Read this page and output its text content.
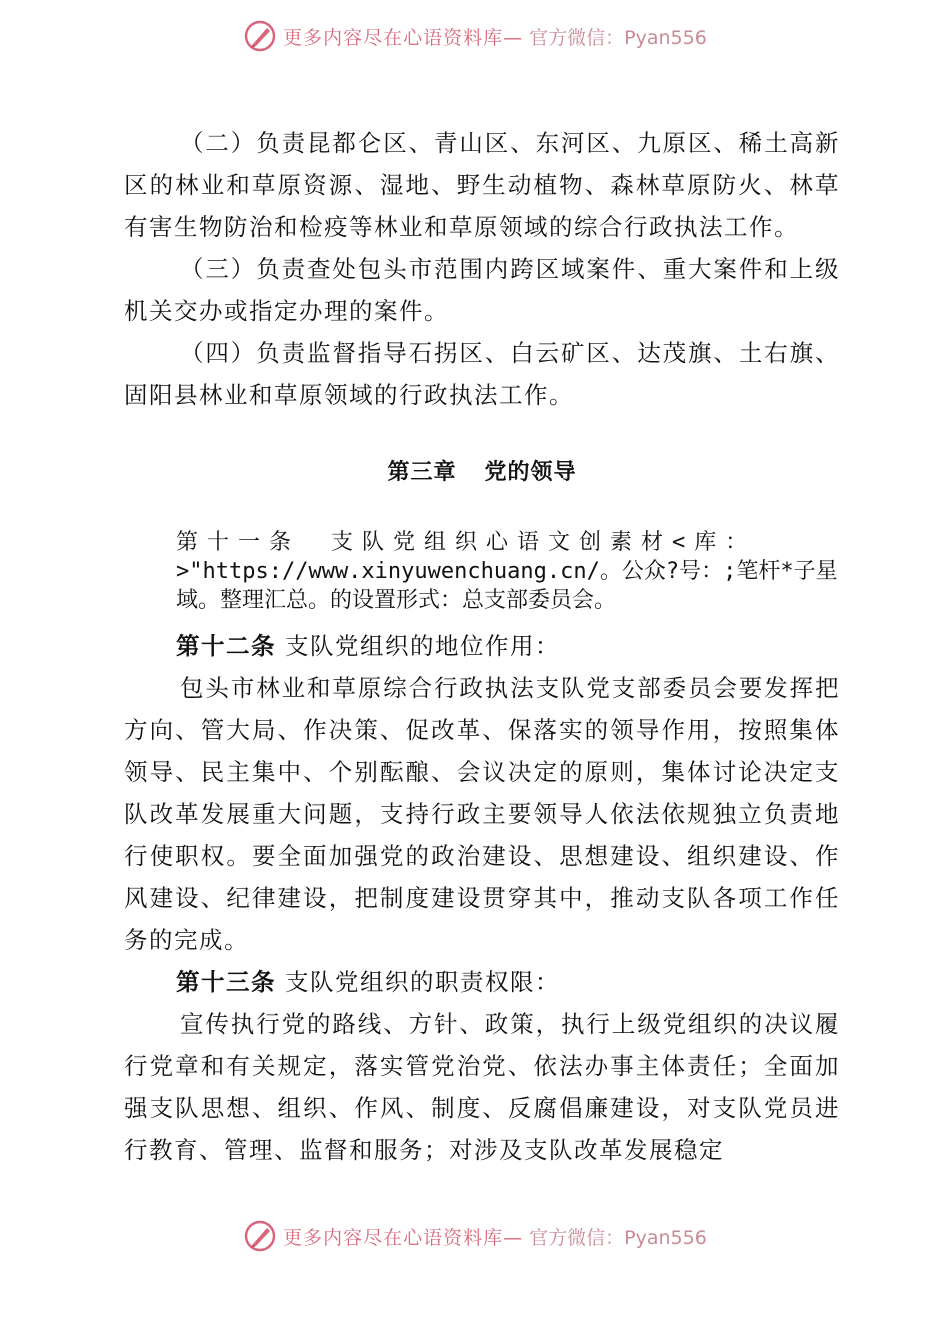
更多内容尽在心语资料库— 官方微信：Pyan556

（二）负责昆都仑区、青山区、东河区、九原区、稀土高新区的林业和草原资源、湿地、野生动植物、森林草原防火、林草有害生物防治和检疫等林业和草原领域的综合行政执法工作。

（三）负责查处包头市范围内跨区域案件、重大案件和上级机关交办或指定办理的案件。

（四）负责监督指导石拐区、白云矿区、达茂旗、土右旗、固阳县林业和草原领域的行政执法工作。

第三章 党的领导

第十一条　支队党组织心语文创素材<库：
>"https://www.xinyuwenchuang.cn/。公众?号：;笔杆*子星域。整理汇总。的设置形式：总支部委员会。

第十二条 支队党组织的地位作用：

包头市林业和草原综合行政执法支队党支部委员会要发挥把方向、管大局、作决策、促改革、保落实的领导作用，按照集体领导、民主集中、个别酝酿、会议决定的原则，集体讨论决定支队改革发展重大问题，支持行政主要领导人依法依规独立负责地行使职权。要全面加强党的政治建设、思想建设、组织建设、作风建设、纪律建设，把制度建设贯穿其中，推动支队各项工作任务的完成。

第十三条 支队党组织的职责权限：

宣传执行党的路线、方针、政策，执行上级党组织的决议履行党章和有关规定，落实管党治党、依法办事主体责任；全面加强支队思想、组织、作风、制度、反腐倡廉建设，对支队党员进行教育、管理、监督和服务；对涉及支队改革发展稳定

更多内容尽在心语资料库— 官方微信：Pyan556
